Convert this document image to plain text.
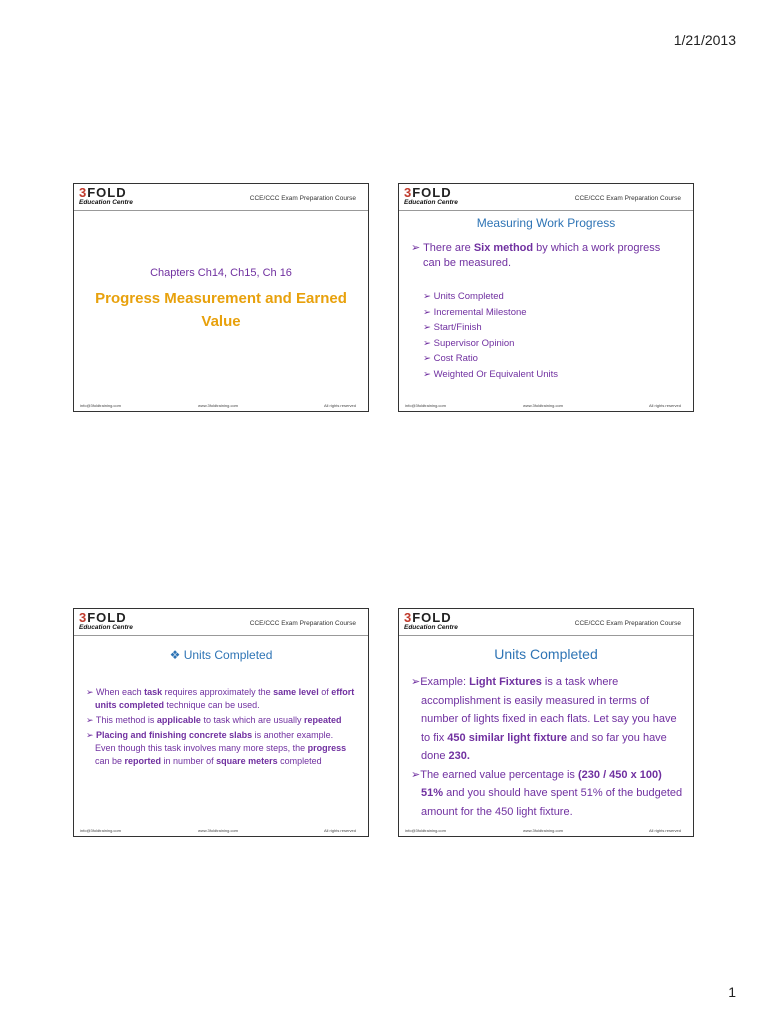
1/21/2013
3FOLD
Education Centre
CCE/CCC Exam Preparation Course
Chapters Ch14, Ch15, Ch 16
Progress Measurement and Earned Value
info@3foldtraining.com	www.3foldtraining.com	All rights reserved
3FOLD
Education Centre
CCE/CCC Exam Preparation Course
Measuring Work Progress
➢ There are Six method by which a work progress
can be measured.
➢ Units Completed
➢ Incremental Milestone
➢ Start/Finish
➢ Supervisor Opinion
➢ Cost Ratio
➢ Weighted Or Equivalent Units
info@3foldtraining.com	www.3foldtraining.com	All rights reserved
3FOLD
Education Centre
CCE/CCC Exam Preparation Course
❖ Units Completed

➢ When each task requires approximately the same level of effort units completed technique can be used.

➢ This method is applicable to task which are usually repeated

➢ Placing and finishing concrete slabs is another example. Even though this task involves many more steps, the progress can be reported in number of square meters completed

info@3foldtraining.com	www.3foldtraining.com	All rights reserved
3FOLD
Education Centre
CCE/CCC Exam Preparation Course
Units Completed

➢Example: Light Fixtures is a task where accomplishment is easily measured in terms of number of lights fixed in each flats. Let say you have to fix 450 similar light fixture and so far you have done 230.

➢The earned value percentage is (230 / 450 x 100) 51% and you should have spent 51% of the budgeted amount for the 450 light fixture.

info@3foldtraining.com	www.3foldtraining.com	All rights reserved
1
